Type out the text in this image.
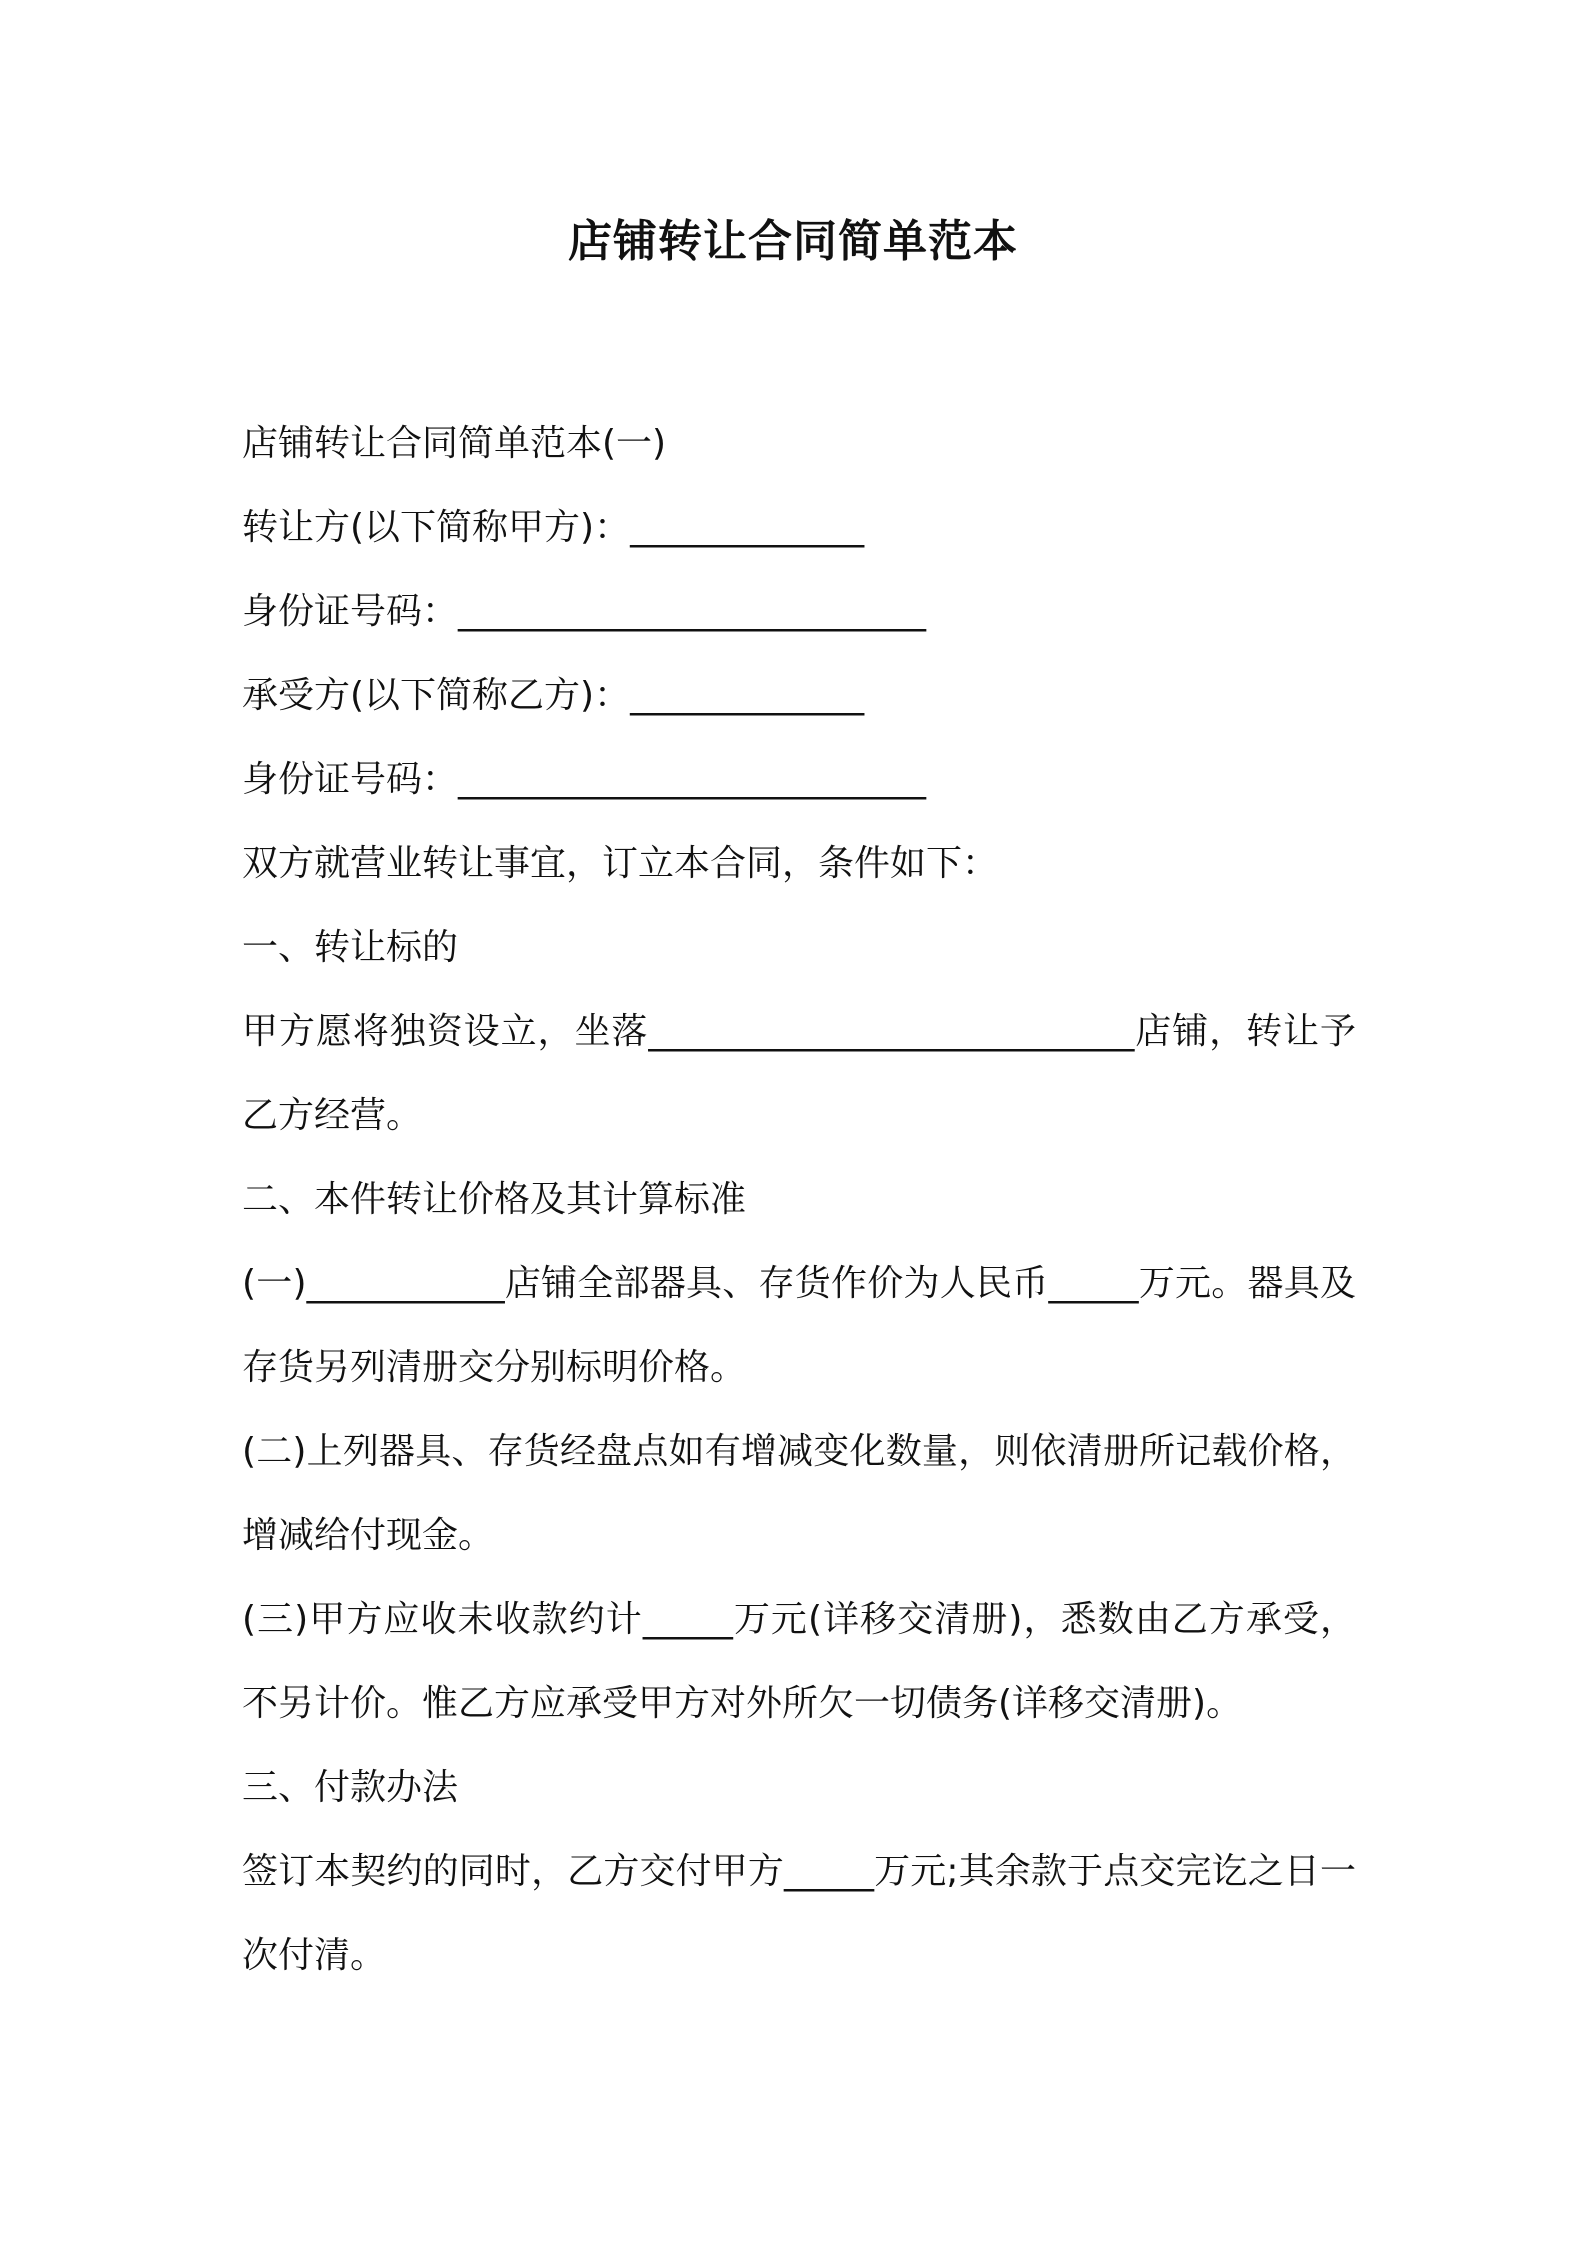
店铺转让合同简单范本

店铺转让合同简单范本(一)

转让方(以下简称甲方)：_____________

身份证号码：__________________________

承受方(以下简称乙方)：_____________

身份证号码：__________________________

双方就营业转让事宜，订立本合同，条件如下：

一、转让标的

甲方愿将独资设立，坐落___________________________店铺，转让予乙方经营。

二、本件转让价格及其计算标准

(一)___________店铺全部器具、存货作价为人民币_____万元。器具及存货另列清册交分别标明价格。

(二)上列器具、存货经盘点如有增减变化数量，则依清册所记载价格，增减给付现金。

(三)甲方应收未收款约计_____万元(详移交清册)，悉数由乙方承受，不另计价。惟乙方应承受甲方对外所欠一切债务(详移交清册)。

三、付款办法

签订本契约的同时，乙方交付甲方_____万元;其余款于点交完讫之日一次付清。
